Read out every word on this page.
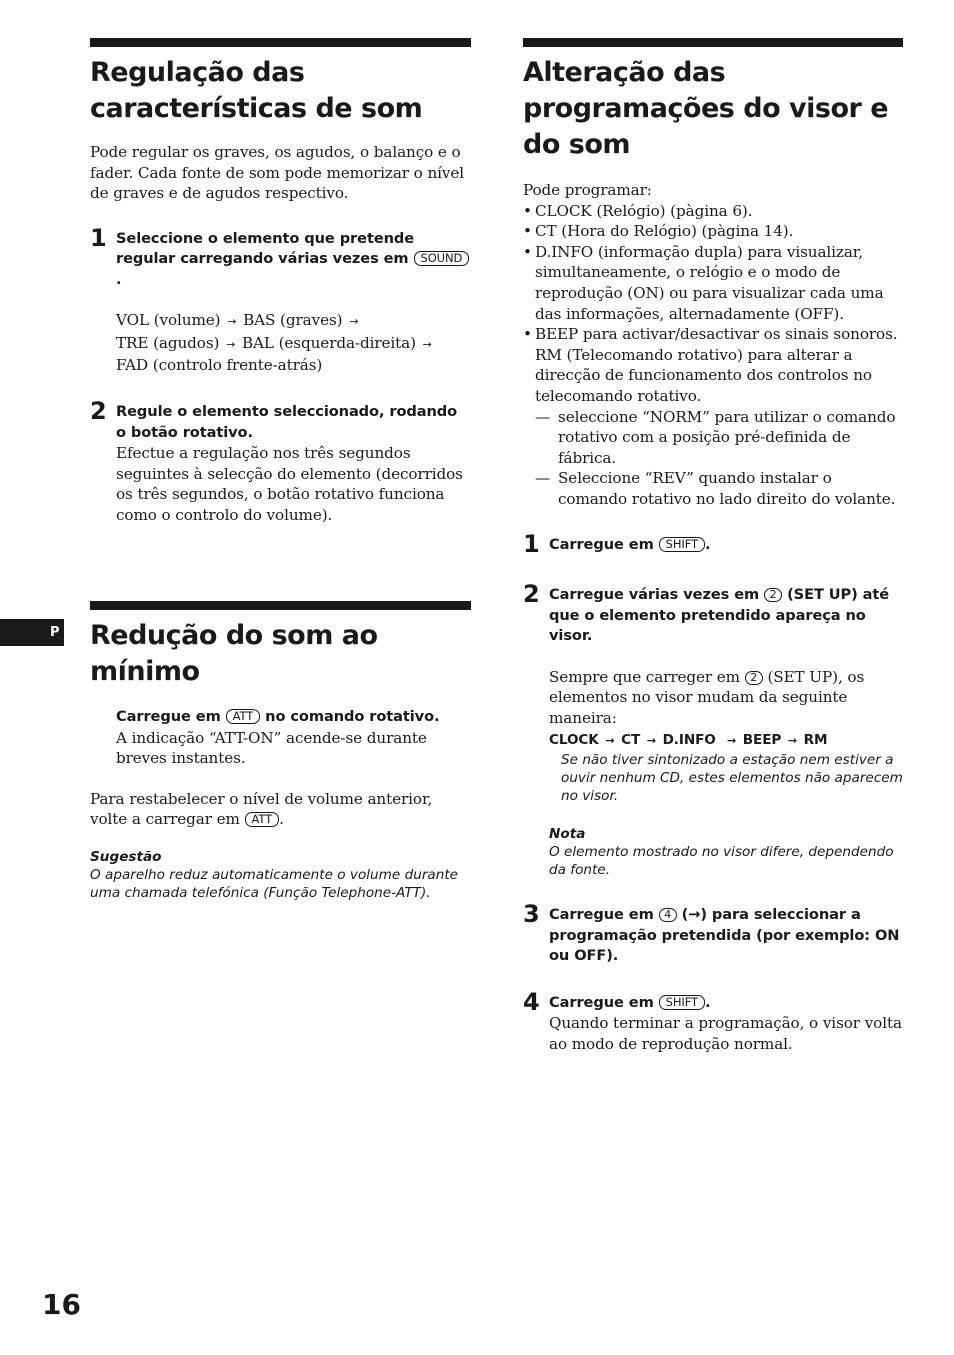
Regulação das
características de som

Pode regular os graves, os agudos, o balanço e o fader. Cada fonte de som pode memorizar o nível de graves e de agudos respectivo.

1 Seleccione o elemento que pretende regular carregando várias vezes em SOUND.

VOL (volume) → BAS (graves) →
TRE (agudos) → BAL (esquerda-direita) →
FAD (controlo frente-atrás)

2 Regule o elemento seleccionado, rodando o botão rotativo.

Efectue a regulação nos três segundos seguintes à selecção do elemento (decorridos os três segundos, o botão rotativo funciona como o controlo do volume).

Redução do som ao
mínimo

Carregue em ATT no comando rotativo.

A indicação “ATT-ON” acende-se durante breves instantes.

Para restabelecer o nível de volume anterior, volte a carregar em ATT .

Sugestão

O aparelho reduz automaticamente o volume durante uma chamada telefónica (Função Telephone-ATT).

Alteração das
programações do visor e
do som

Pode programar:

• CLOCK (Relógio) (pàgina 6).
• CT (Hora do Relógio) (pàgina 14).
• D.INFO (informação dupla) para visualizar, simultaneamente, o relógio e o modo de reprodução (ON) ou para visualizar cada uma das informações, alternadamente (OFF).
• BEEP para activar/desactivar os sinais sonoros.
RM (Telecomando rotativo) para alterar a direcção de funcionamento dos controlos no telecomando rotativo.
— seleccione “NORM” para utilizar o comando rotativo com a posição pré-definida de fábrica.
— Seleccione “REV” quando instalar o comando rotativo no lado direito do volante.
1 Carregue em SHIFT .

2 Carregue várias vezes em 2 (SET UP) até que o elemento pretendido apareça no visor.

Sempre que carreger em 2 (SET UP), os elementos no visor mudam da seguinte maneira:

CLOCK → CT → D.INFO → BEEP → RM

Se não tiver sintonizado a estação nem estiver a ouvir nenhum CD, estes elementos não aparecem no visor.

Nota

O elemento mostrado no visor difere, dependendo da fonte.

3 Carregue em 4 (→) para seleccionar a programação pretendida (por exemplo: ON ou OFF).

4 Carregue em SHIFT .

Quando terminar a programação, o visor volta ao modo de reprodução normal.

P
16
